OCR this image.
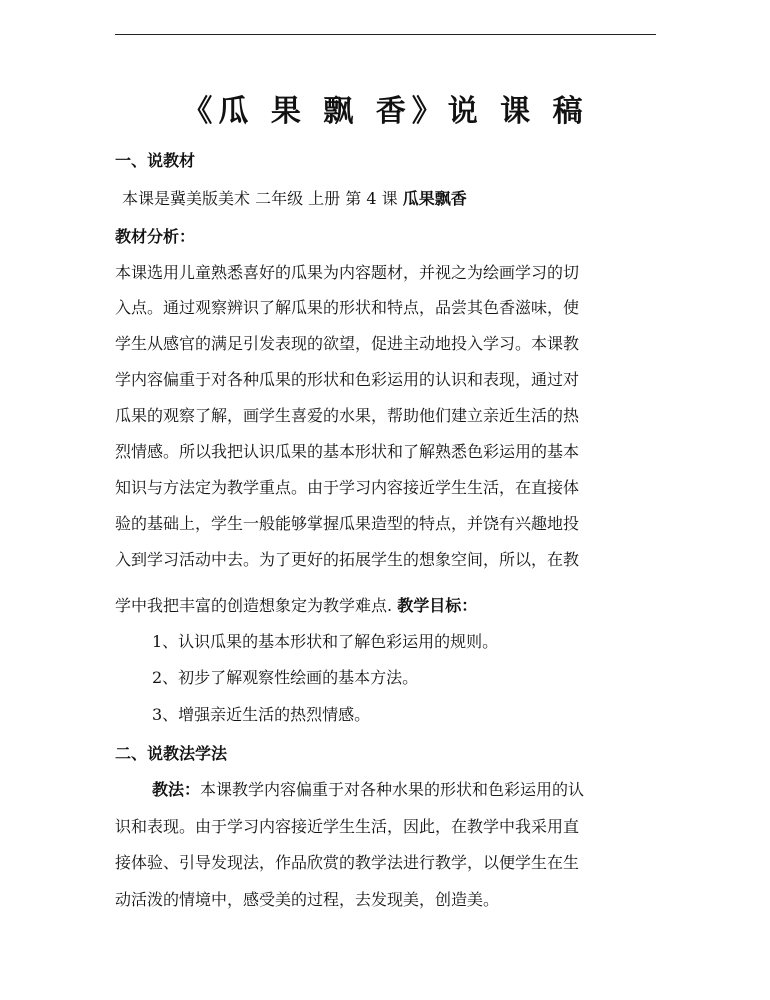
《瓜 果 飘 香》说 课 稿
一、说教材
本课是冀美版美术 二年级 上册 第 4 课 瓜果飘香
教材分析：
本课选用儿童熟悉喜好的瓜果为内容题材，并视之为绘画学习的切
入点。通过观察辨识了解瓜果的形状和特点，品尝其色香滋味，使
学生从感官的满足引发表现的欲望，促进主动地投入学习。本课教
学内容偏重于对各种瓜果的形状和色彩运用的认识和表现，通过对
瓜果的观察了解，画学生喜爱的水果，帮助他们建立亲近生活的热
烈情感。所以我把认识瓜果的基本形状和了解熟悉色彩运用的基本
知识与方法定为教学重点。由于学习内容接近学生生活，在直接体
验的基础上，学生一般能够掌握瓜果造型的特点，并饶有兴趣地投
入到学习活动中去。为了更好的拓展学生的想象空间，所以，在教
学中我把丰富的创造想象定为教学难点. 教学目标：
1、认识瓜果的基本形状和了解色彩运用的规则。
2、初步了解观察性绘画的基本方法。
3、增强亲近生活的热烈情感。
二、说教法学法
教法：本课教学内容偏重于对各种水果的形状和色彩运用的认
识和表现。由于学习内容接近学生生活，因此，在教学中我采用直
接体验、引导发现法，作品欣赏的教学法进行教学，以便学生在生
动活泼的情境中，感受美的过程，去发现美，创造美。
